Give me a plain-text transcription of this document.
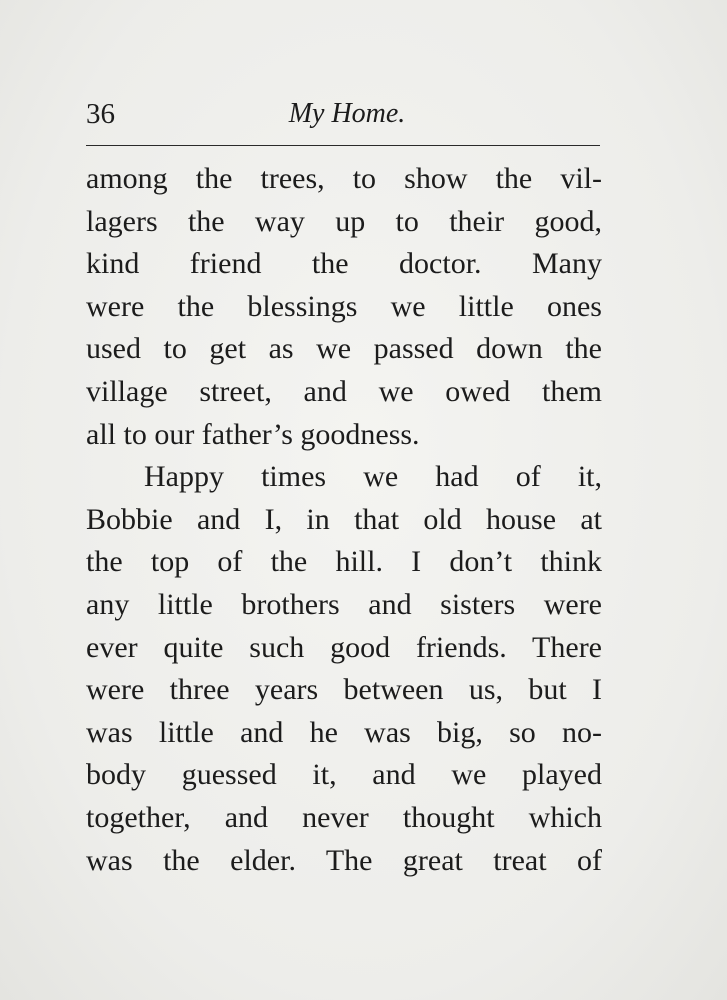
36	My Home.
among the trees, to show the vil-
lagers the way up to their good,
kind friend the doctor. Many
were the blessings we little ones
used to get as we passed down the
village street, and we owed them
all to our father’s goodness.
Happy times we had of it,
Bobbie and I, in that old house at
the top of the hill. I don’t think
any little brothers and sisters were
ever quite such good friends. There
were three years between us, but I
was little and he was big, so no-
body guessed it, and we played
together, and never thought which
was the elder. The great treat of
